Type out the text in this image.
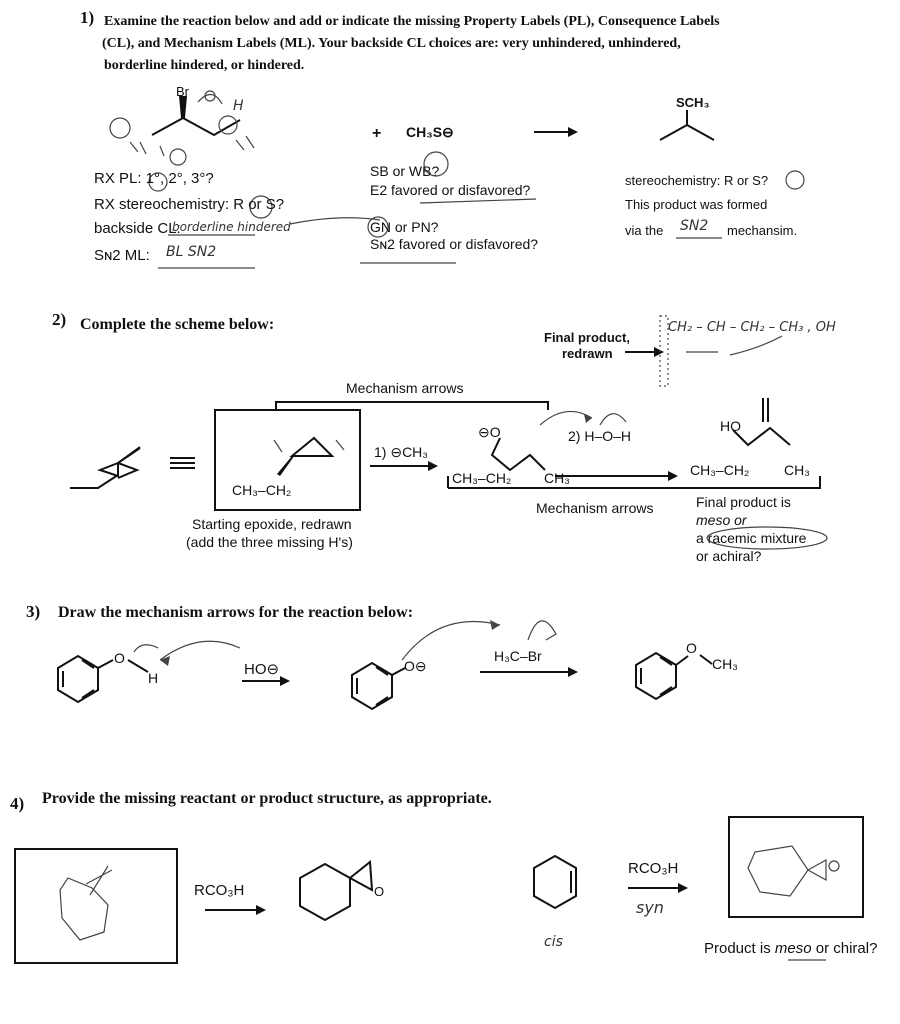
1) Examine the reaction below and add or indicate the missing Property Labels (PL), Consequence Labels
(CL), and Mechanism Labels (ML). Your backside CL choices are: very unhindered, unhindered,
borderline hindered, or hindered.
Br
H
+ CH₃S⊖
SCH₃
RX PL: 1°, 2°, 3°?
RX stereochemistry: R or S?
backside CL:
borderline hindered
Sɴ2 ML: BL SN2
SB or WB?
E2 favored or disfavored?
GN or PN?
Sɴ2 favored or disfavored?
stereochemistry: R or S?
This product was formed
via the SN2 mechansim.
2) Complete the scheme below:
Final product,
redrawn
CH₂ – CH – CH₂ – CH₃ , OH
Mechanism arrows
CH₃–CH₂
Starting epoxide, redrawn
(add the three missing H's)
1) ⊖CH₃
⊖O
CH₃–CH₂ CH₃
2) H–O–H
HO
CH₃–CH₂ CH₃
Mechanism arrows	Final product is
meso or
a racemic mixture
or achiral?
3) Draw the mechanism arrows for the reaction below:
O
H	HO⊖	O⊖
H₃C–Br	O
CH₃
4) Provide the missing reactant or product structure, as appropriate.
RCO₃H	O
RCO₃H
syn
cis	Product is meso or chiral?
